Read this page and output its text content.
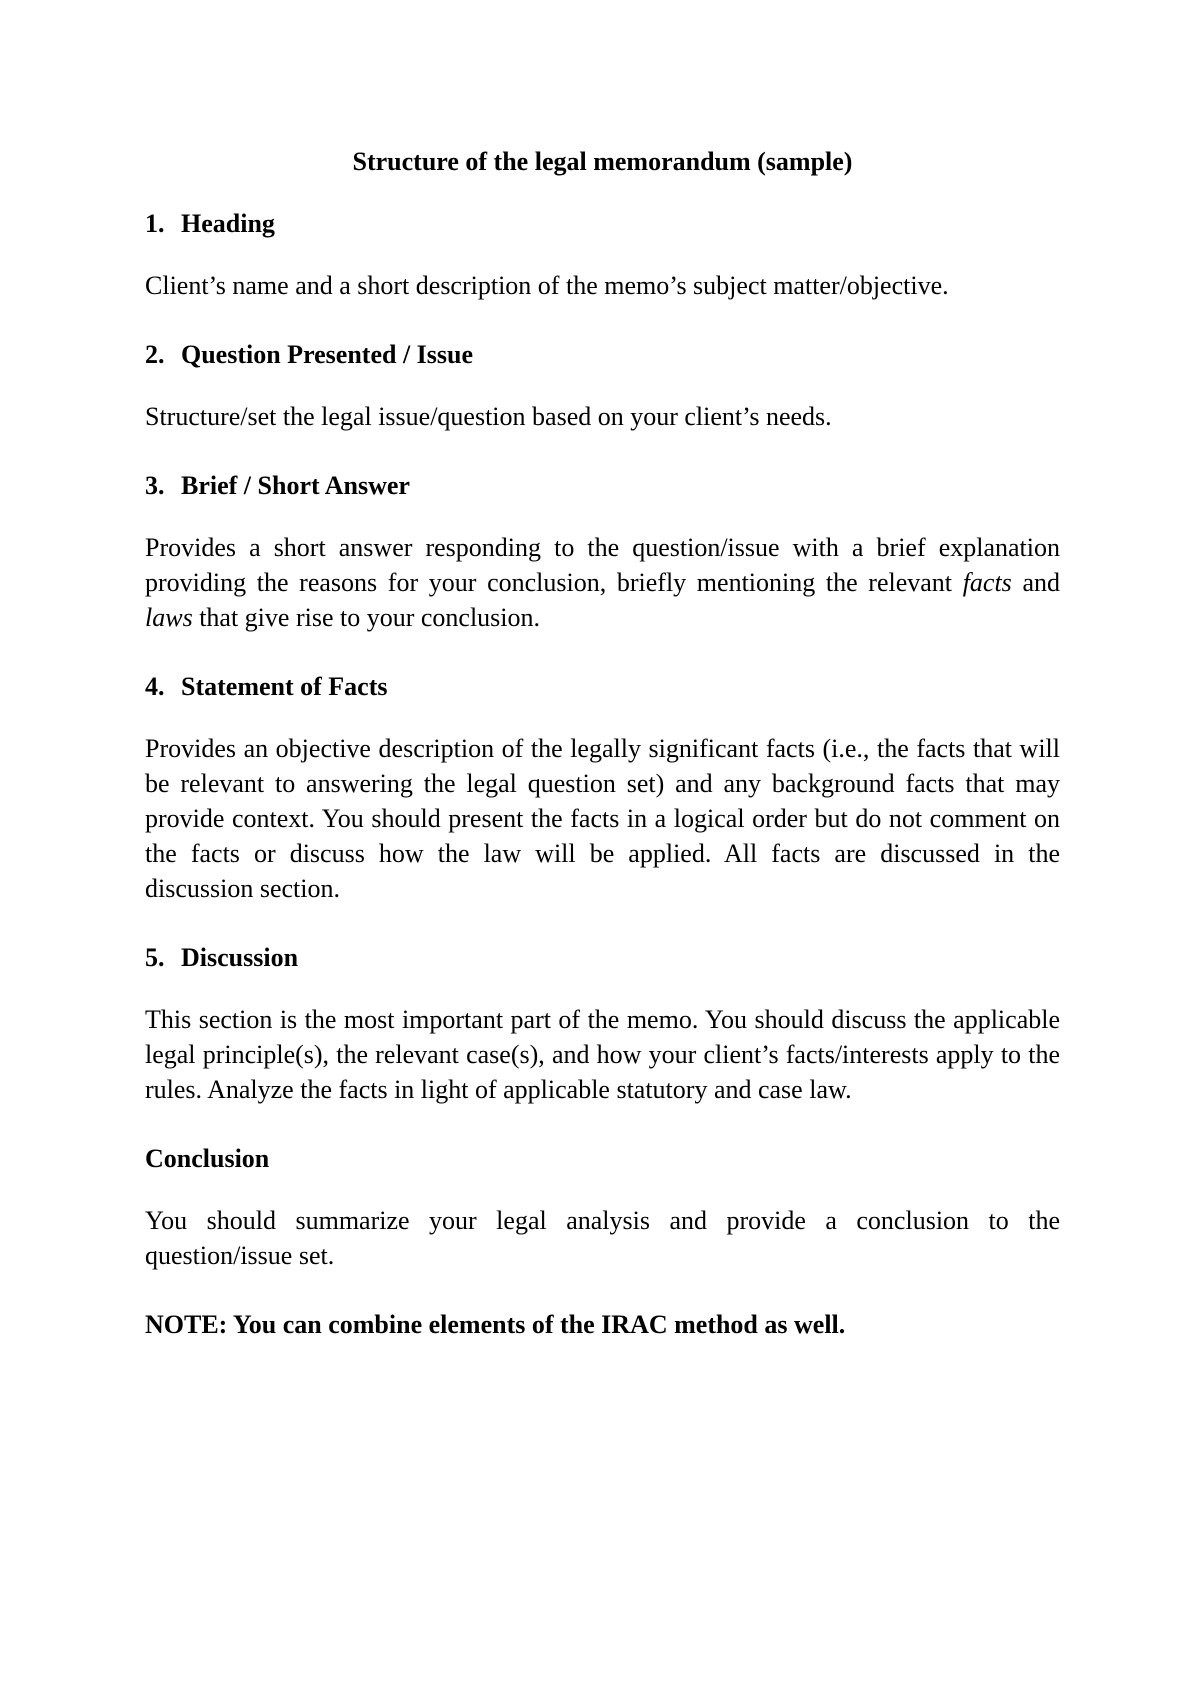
Structure of the legal memorandum (sample)
1. Heading

Client’s name and a short description of the memo’s subject matter/objective.

2. Question Presented / Issue

Structure/set the legal issue/question based on your client’s needs.

3. Brief / Short Answer

Provides a short answer responding to the question/issue with a brief explanation providing the reasons for your conclusion, briefly mentioning the relevant facts and laws that give rise to your conclusion.

4. Statement of Facts

Provides an objective description of the legally significant facts (i.e., the facts that will be relevant to answering the legal question set) and any background facts that may provide context. You should present the facts in a logical order but do not comment on the facts or discuss how the law will be applied. All facts are discussed in the discussion section.

5. Discussion

This section is the most important part of the memo. You should discuss the applicable legal principle(s), the relevant case(s), and how your client’s facts/interests apply to the rules. Analyze the facts in light of applicable statutory and case law.

Conclusion

You should summarize your legal analysis and provide a conclusion to the question/issue set.

NOTE: You can combine elements of the IRAC method as well.
